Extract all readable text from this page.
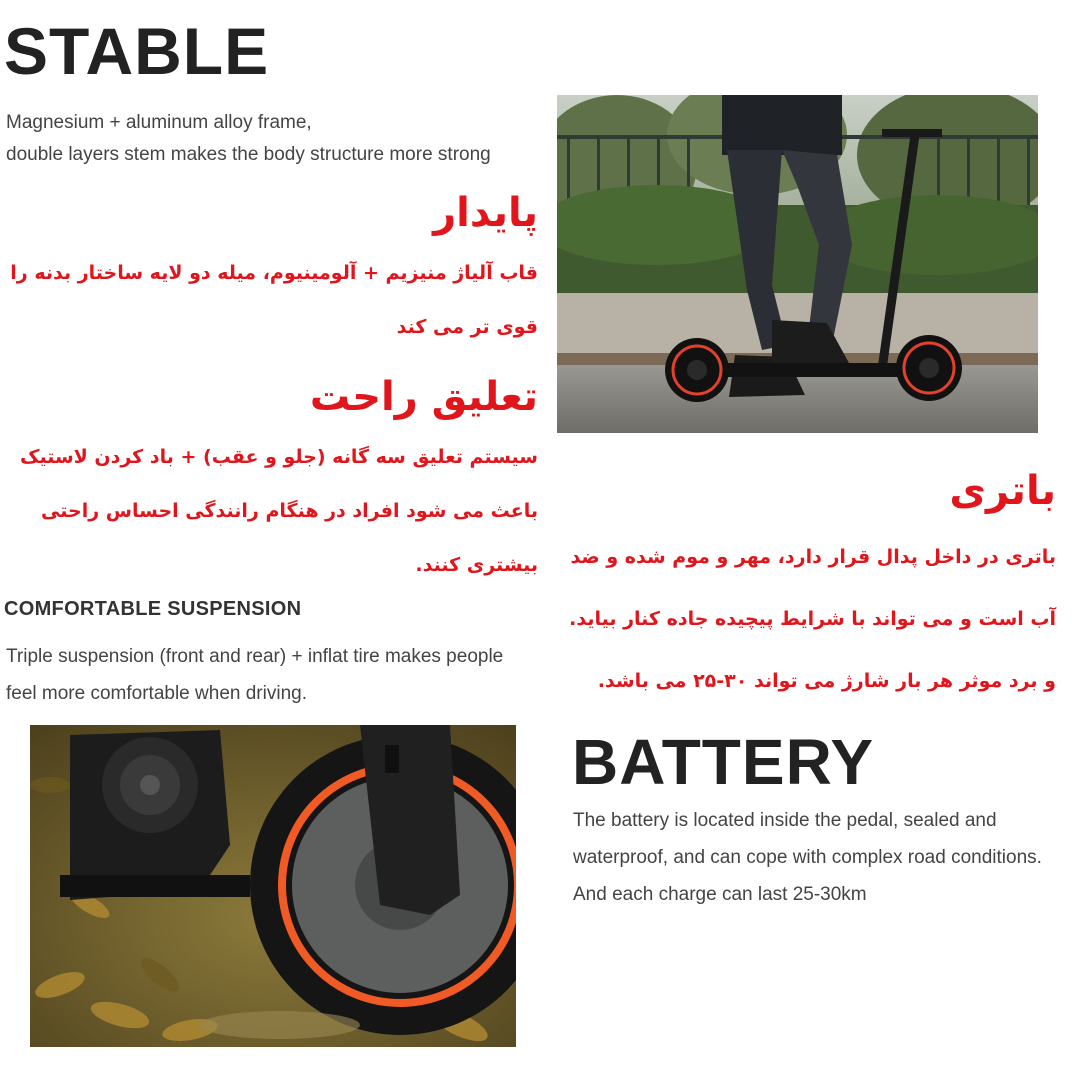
STABLE
Magnesium + aluminum alloy frame,
double layers stem makes the body structure more strong
پایدار
قاب آلیاژ منیزیم + آلومینیوم، میله دو لایه ساختار بدنه را قوی تر می کند
تعلیق راحت
سیستم تعلیق سه گانه (جلو و عقب) + باد کردن لاستیک باعث می شود افراد در هنگام رانندگی احساس راحتی بیشتری کنند.
باتری
باتری در داخل پدال قرار دارد، مهر و موم شده و ضد آب است و می تواند با شرایط پیچیده جاده کنار بیاید. و برد موثر هر بار شارژ می تواند ۳۰-۲۵ می باشد.
COMFORTABLE SUSPENSION
Triple suspension (front and rear) + inflat tire makes people
feel more comfortable when driving.
BATTERY
The battery is located inside the pedal, sealed and
waterproof, and can cope with complex road conditions.
And each charge can last 25-30km
